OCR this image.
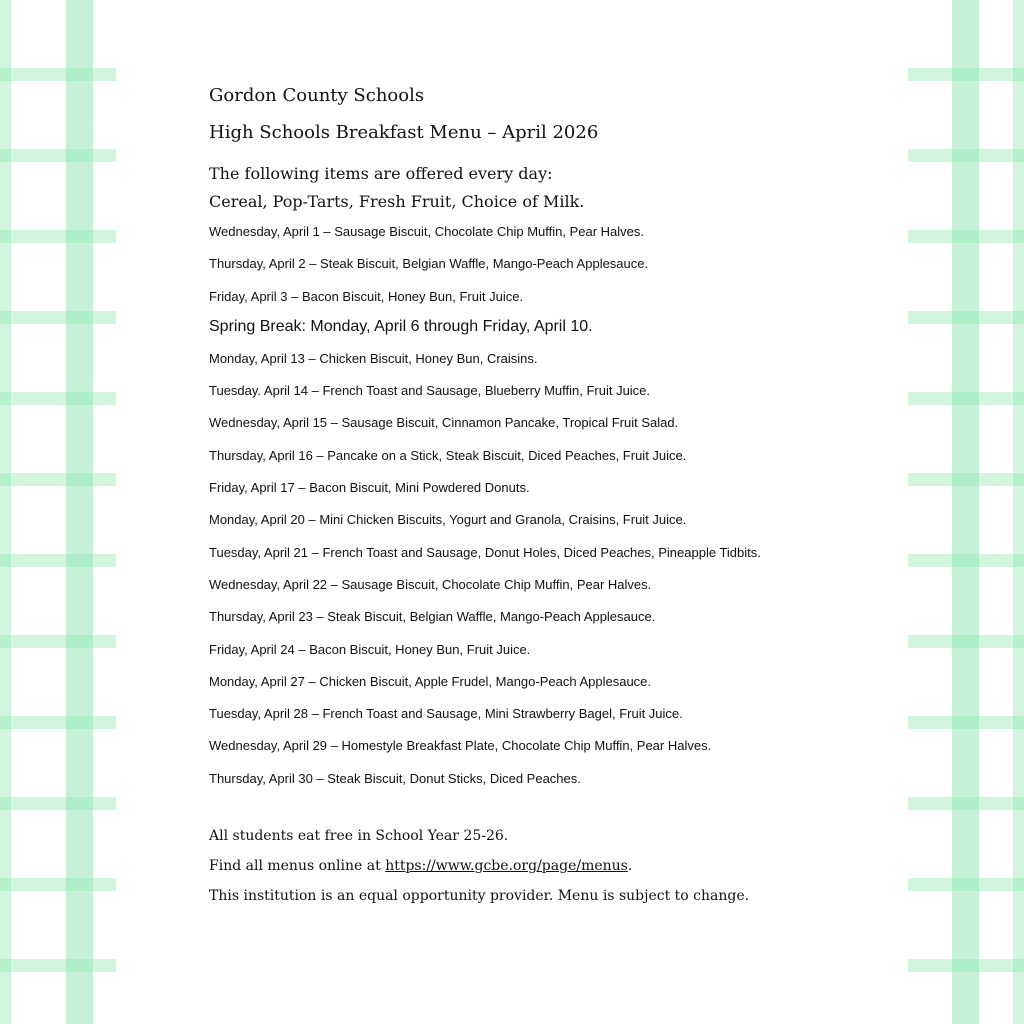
Gordon County Schools
High Schools Breakfast Menu – April 2026
The following items are offered every day:
Cereal, Pop-Tarts, Fresh Fruit, Choice of Milk.
Wednesday, April 1 – Sausage Biscuit, Chocolate Chip Muffin, Pear Halves.
Thursday, April 2 – Steak Biscuit, Belgian Waffle, Mango-Peach Applesauce.
Friday, April 3 – Bacon Biscuit, Honey Bun, Fruit Juice.
Spring Break: Monday, April 6 through Friday, April 10.
Monday, April 13 – Chicken Biscuit, Honey Bun, Craisins.
Tuesday. April 14 – French Toast and Sausage, Blueberry Muffin, Fruit Juice.
Wednesday, April 15 – Sausage Biscuit, Cinnamon Pancake, Tropical Fruit Salad.
Thursday, April 16 – Pancake on a Stick, Steak Biscuit, Diced Peaches, Fruit Juice.
Friday, April 17 – Bacon Biscuit, Mini Powdered Donuts.
Monday, April 20 – Mini Chicken Biscuits, Yogurt and Granola, Craisins, Fruit Juice.
Tuesday, April 21 – French Toast and Sausage, Donut Holes, Diced Peaches, Pineapple Tidbits.
Wednesday, April 22 – Sausage Biscuit, Chocolate Chip Muffin, Pear Halves.
Thursday, April 23 – Steak Biscuit, Belgian Waffle, Mango-Peach Applesauce.
Friday, April 24 – Bacon Biscuit, Honey Bun, Fruit Juice.
Monday, April 27 – Chicken Biscuit, Apple Frudel, Mango-Peach Applesauce.
Tuesday, April 28 – French Toast and Sausage, Mini Strawberry Bagel, Fruit Juice.
Wednesday, April 29 – Homestyle Breakfast Plate, Chocolate Chip Muffin, Pear Halves.
Thursday, April 30 – Steak Biscuit, Donut Sticks, Diced Peaches.
All students eat free in School Year 25-26.
Find all menus online at https://www.gcbe.org/page/menus.
This institution is an equal opportunity provider. Menu is subject to change.
